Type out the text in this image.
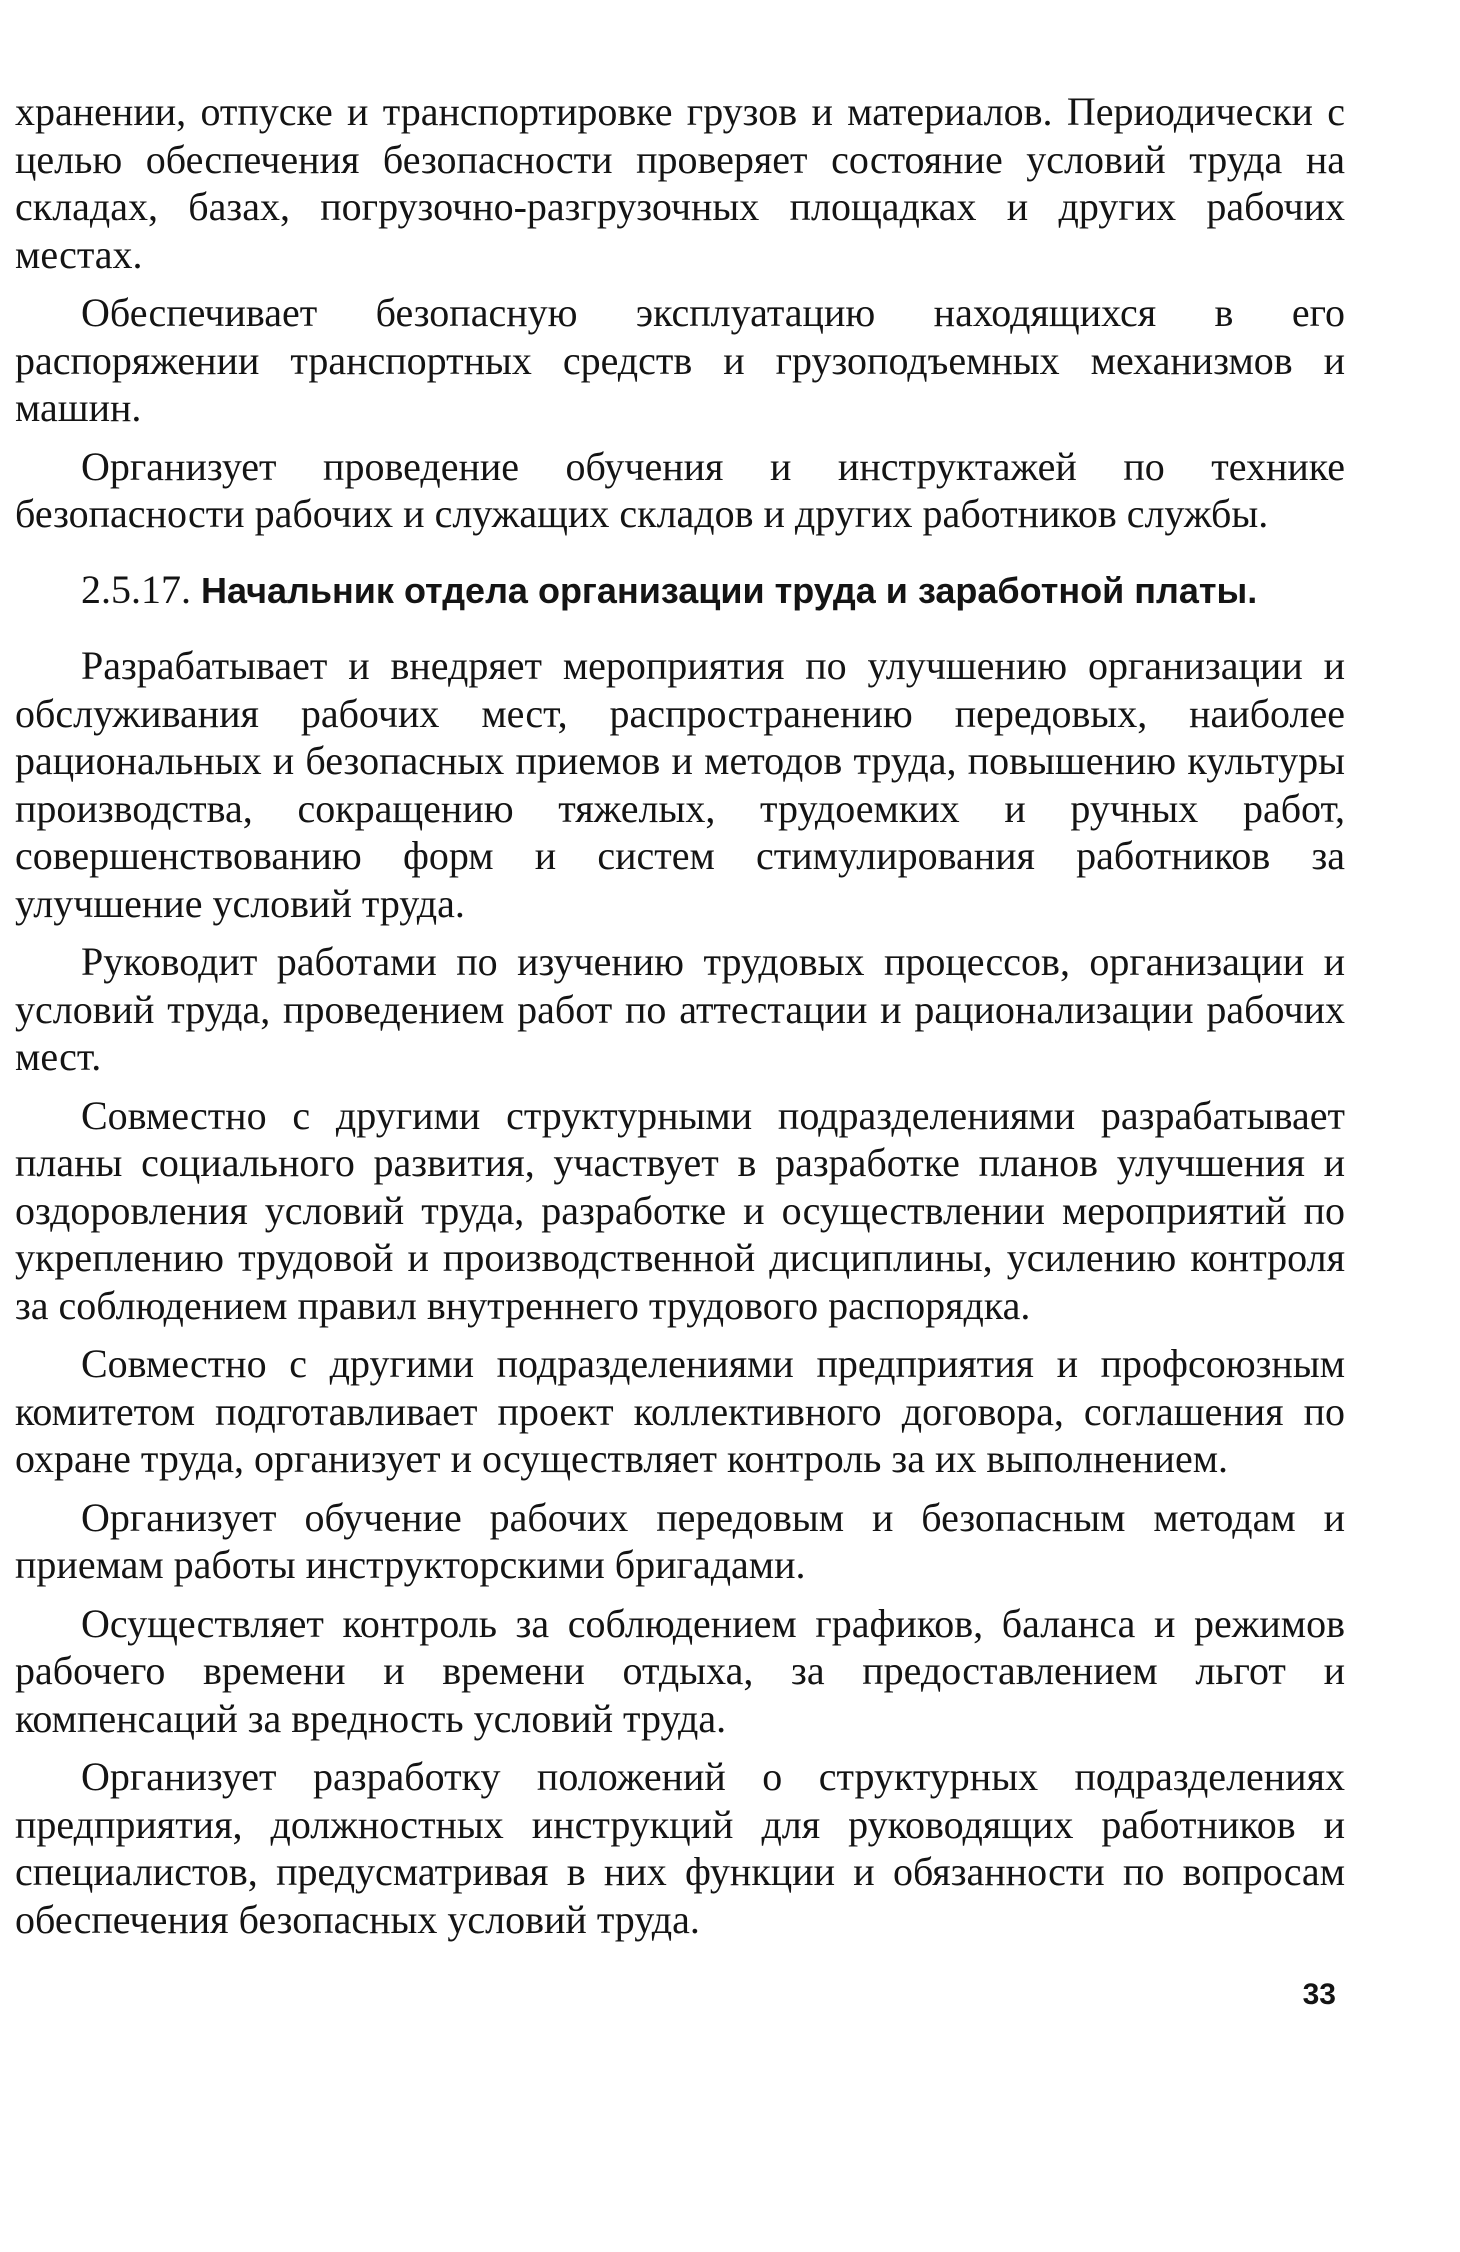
хранении, отпуске и транспортировке грузов и материалов. Периодически с целью обеспечения безопасности проверяет состояние условий труда на складах, базах, погрузочно-разгрузочных площадках и других рабочих местах.

Обеспечивает безопасную эксплуатацию находящихся в его распоряжении транспортных средств и грузоподъемных механизмов и машин.

Организует проведение обучения и инструктажей по технике безопасности рабочих и служащих складов и других работников службы.

2.5.17. Начальник отдела организации труда и заработной платы.

Разрабатывает и внедряет мероприятия по улучшению организации и обслуживания рабочих мест, распространению передовых, наиболее рациональных и безопасных приемов и методов труда, повышению культуры производства, сокращению тяжелых, трудоемких и ручных работ, совершенствованию форм и систем стимулирования работников за улучшение условий труда.

Руководит работами по изучению трудовых процессов, организации и условий труда, проведением работ по аттестации и рационализации рабочих мест.

Совместно с другими структурными подразделениями разрабатывает планы социального развития, участвует в разработке планов улучшения и оздоровления условий труда, разработке и осуществлении мероприятий по укреплению трудовой и производственной дисциплины, усилению контроля за соблюдением правил внутреннего трудового распорядка.

Совместно с другими подразделениями предприятия и профсоюзным комитетом подготавливает проект коллективного договора, соглашения по охране труда, организует и осуществляет контроль за их выполнением.

Организует обучение рабочих передовым и безопасным методам и приемам работы инструкторскими бригадами.

Осуществляет контроль за соблюдением графиков, баланса и режимов рабочего времени и времени отдыха, за предоставлением льгот и компенсаций за вредность условий труда.

Организует разработку положений о структурных подразделениях предприятия, должностных инструкций для руководящих работников и специалистов, предусматривая в них функции и обязанности по вопросам обеспечения безопасных условий труда.

33
